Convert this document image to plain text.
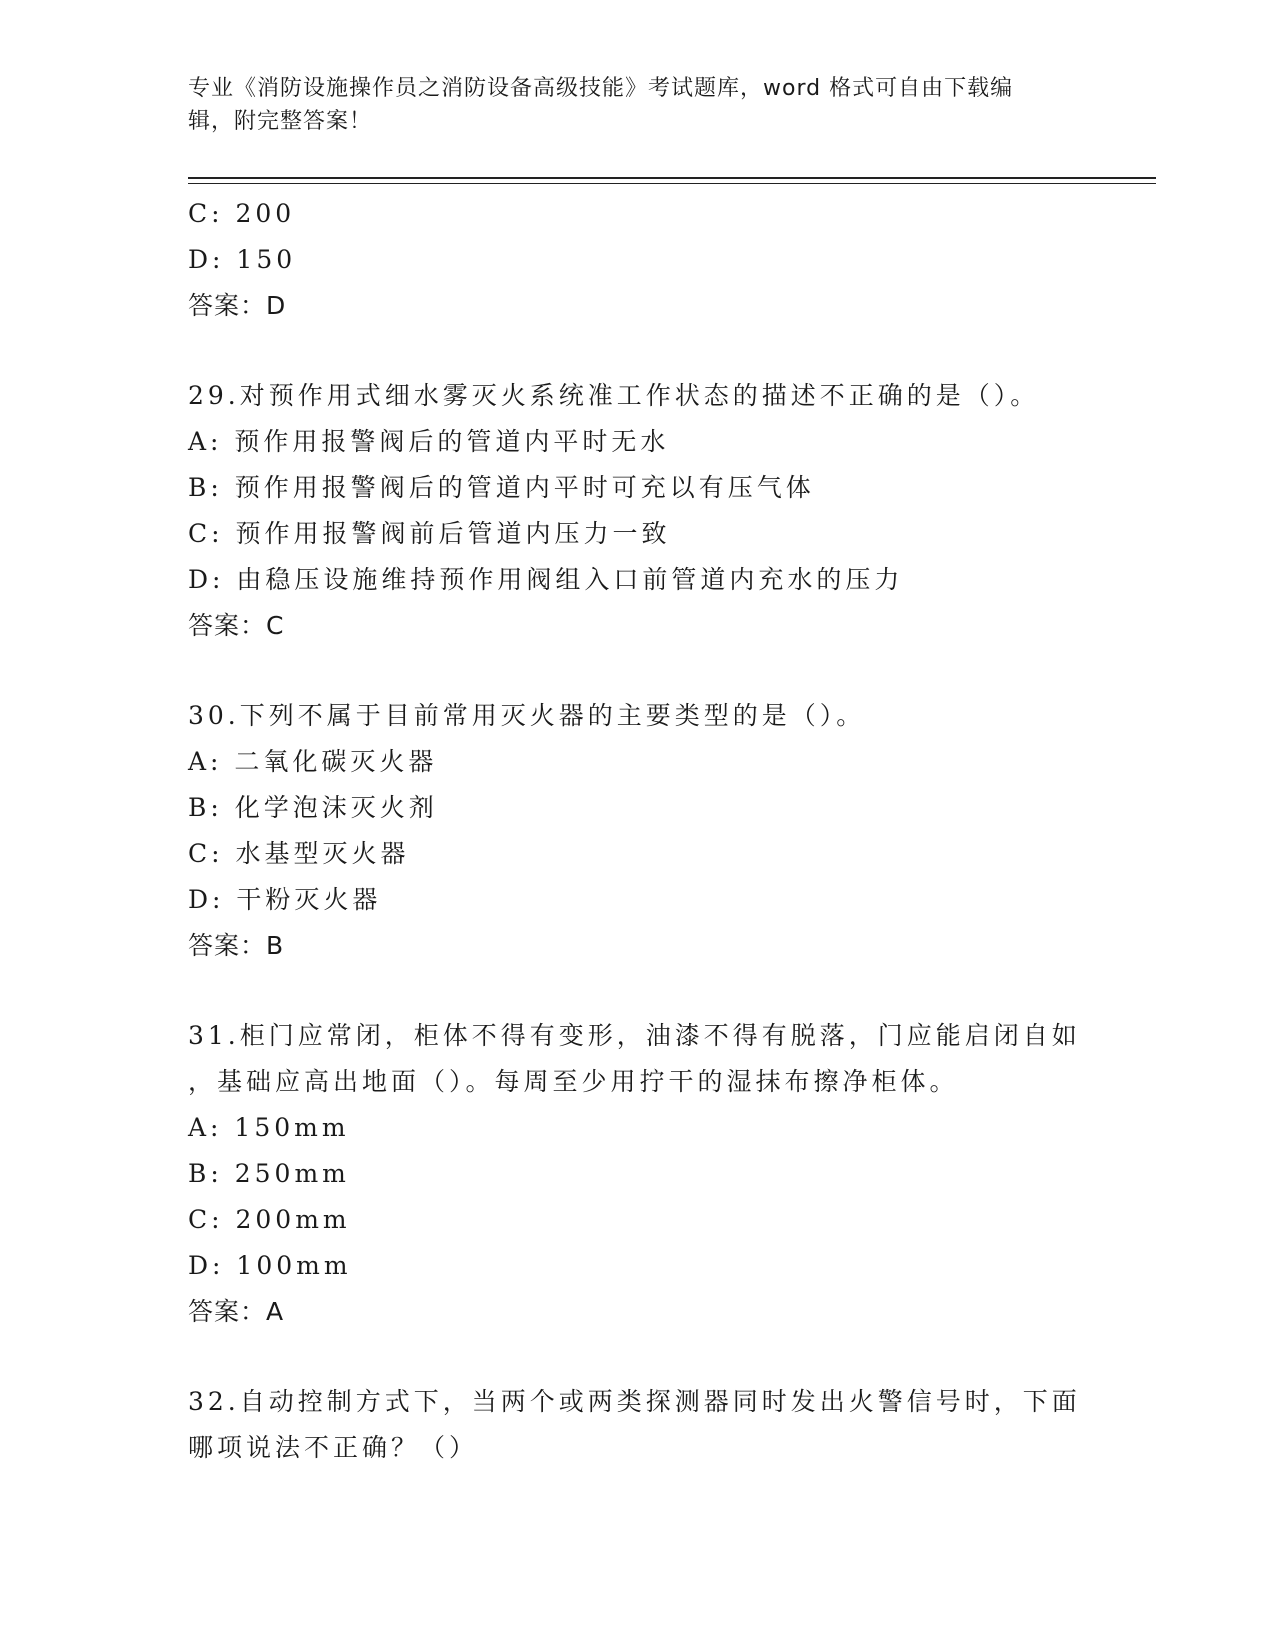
专业《消防设施操作员之消防设备高级技能》考试题库，word 格式可自由下载编
辑，附完整答案！
C: 200
D: 150
答案：D
29.对预作用式细水雾灭火系统准工作状态的描述不正确的是（）。
A: 预作用报警阀后的管道内平时无水
B: 预作用报警阀后的管道内平时可充以有压气体
C: 预作用报警阀前后管道内压力一致
D: 由稳压设施维持预作用阀组入口前管道内充水的压力
答案：C
30.下列不属于目前常用灭火器的主要类型的是（）。
A: 二氧化碳灭火器
B: 化学泡沫灭火剂
C: 水基型灭火器
D: 干粉灭火器
答案：B
31.柜门应常闭，柜体不得有变形，油漆不得有脱落，门应能启闭自如
，基础应高出地面（）。每周至少用拧干的湿抹布擦净柜体。
A: 150mm
B: 250mm
C: 200mm
D: 100mm
答案：A
32.自动控制方式下，当两个或两类探测器同时发出火警信号时，下面
哪项说法不正确？（）
